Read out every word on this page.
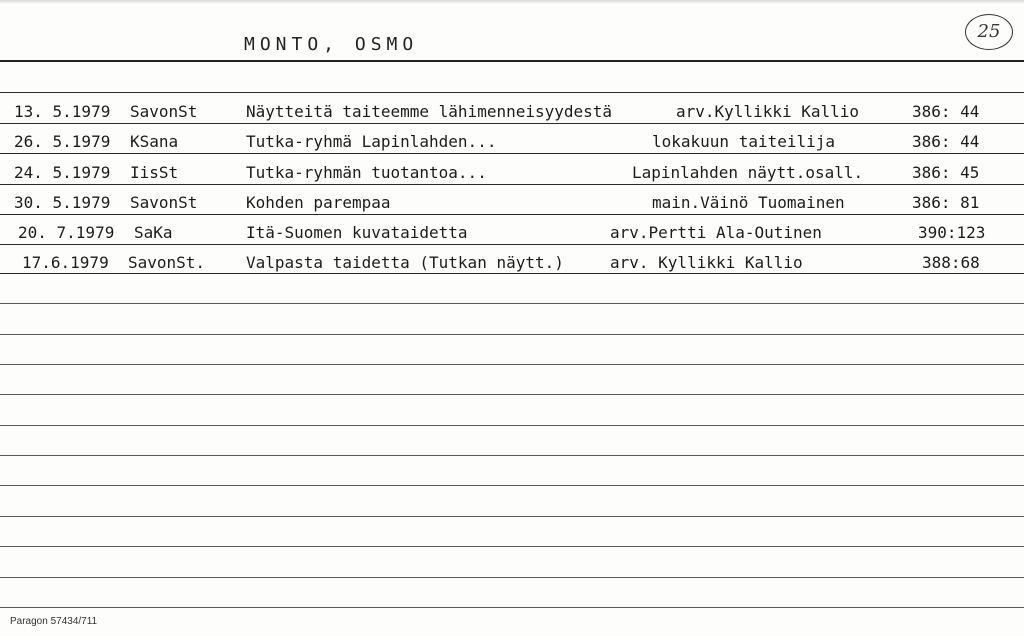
MONTO, OSMO
25
13. 5.1979 SavonSt	Näytteitä taiteemme lähimenneisyydestä	arv.Kyllikki Kallio	386: 44
26. 5.1979 KSana	Tutka-ryhmä Lapinlahden...	lokakuun taiteilija	386: 44
24. 5.1979 IisSt	Tutka-ryhmän tuotantoa...	Lapinlahden näytt.osall.	386: 45
30. 5.1979 SavonSt	Kohden parempaa	main.Väinö Tuomainen	386: 81
20. 7.1979 SaKa	Itä-Suomen kuvataidetta	arv.Pertti Ala-Outinen	390:123
17.6.1979 SavonSt.	Valpasta taidetta (Tutkan näytt.)	arv. Kyllikki Kallio	388:68
Paragon 57434/711
